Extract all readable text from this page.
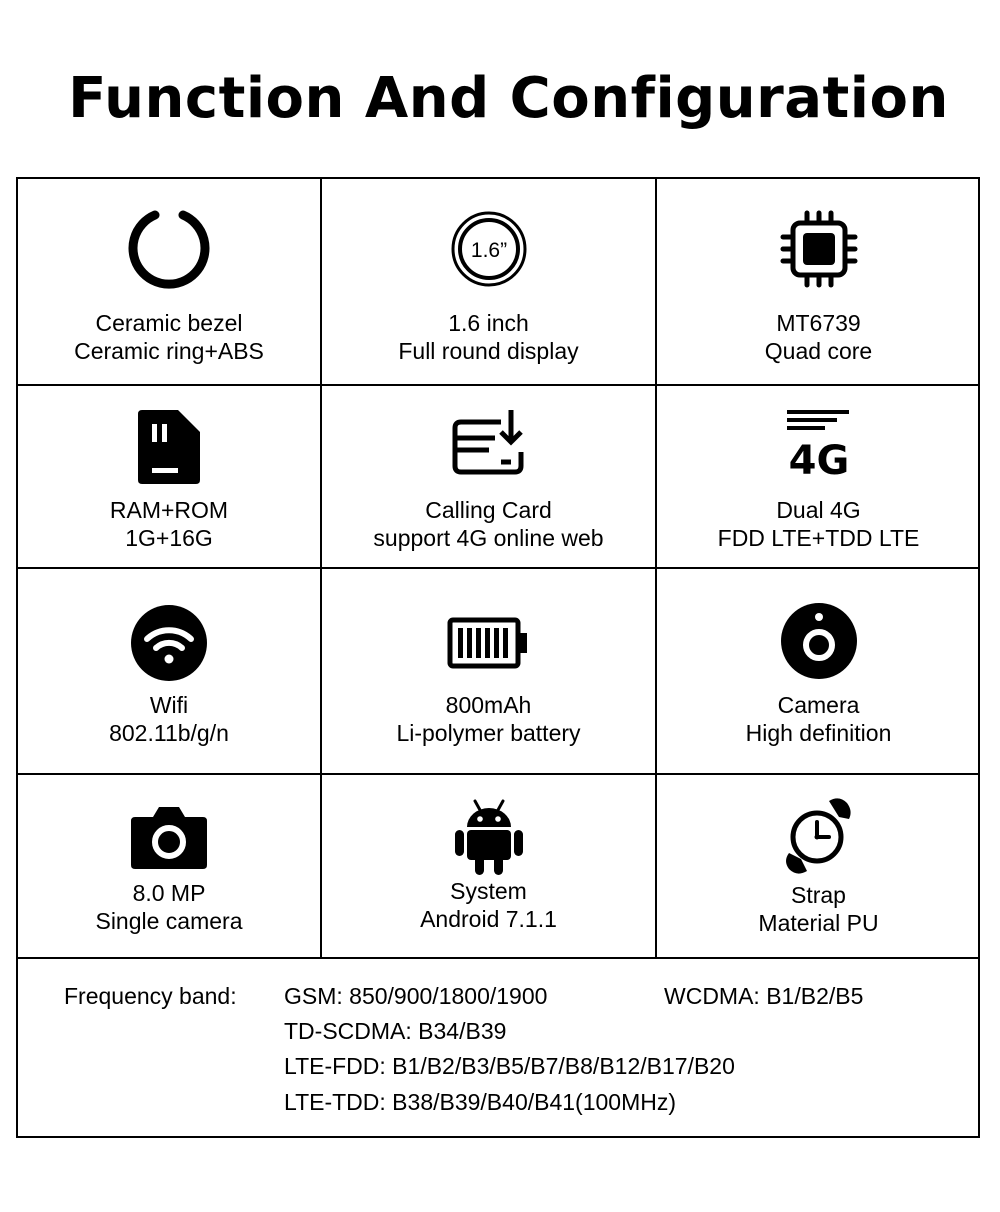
Function And Configuration
Ceramic bezel
Ceramic ring+ABS
1.6”
1.6 inch
Full round display
MT6739
Quad core
RAM+ROM
1G+16G
Calling Card
support 4G online web
4G
Dual 4G
FDD LTE+TDD LTE
Wifi
802.11b/g/n
800mAh
Li-polymer battery
Camera
High definition
8.0 MP
Single camera
System
Android 7.1.1
Strap
Material PU
Frequency band: GSM: 850/900/1800/1900	WCDMA: B1/B2/B5
TD-SCDMA: B34/B39
LTE-FDD: B1/B2/B3/B5/B7/B8/B12/B17/B20
LTE-TDD: B38/B39/B40/B41(100MHz)
